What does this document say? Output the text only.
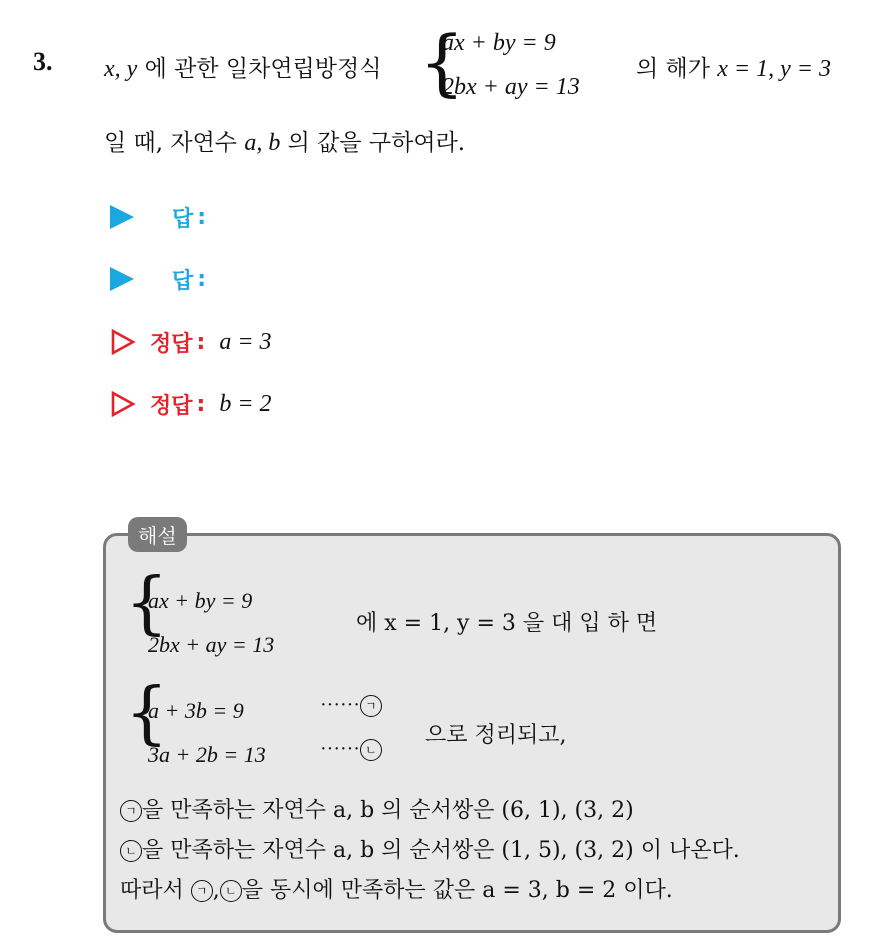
3. x, y 에 관한 일차연립방정식 {
ax + by = 9
2bx + ay = 13
의 해가 x = 1, y = 3
일 때, 자연수 a, b 의 값을 구하여라.
답 :
답 :
정답 : a = 3
정답 : b = 2
해설
{
ax + by = 9
2bx + ay = 13
에 x = 1, y = 3 을 대 입 하 면
{
a + 3b = 9	······ ㄱ
3a + 2b = 13	······ ㄴ
으로 정리되고,
ㄱ 을 만족하는 자연수 a, b 의 순서쌍은 (6, 1), (3, 2)
ㄴ 을 만족하는 자연수 a, b 의 순서쌍은 (1, 5), (3, 2) 이 나온다.
따라서 ㄱ , ㄴ 을 동시에 만족하는 값은 a = 3, b = 2 이다.
